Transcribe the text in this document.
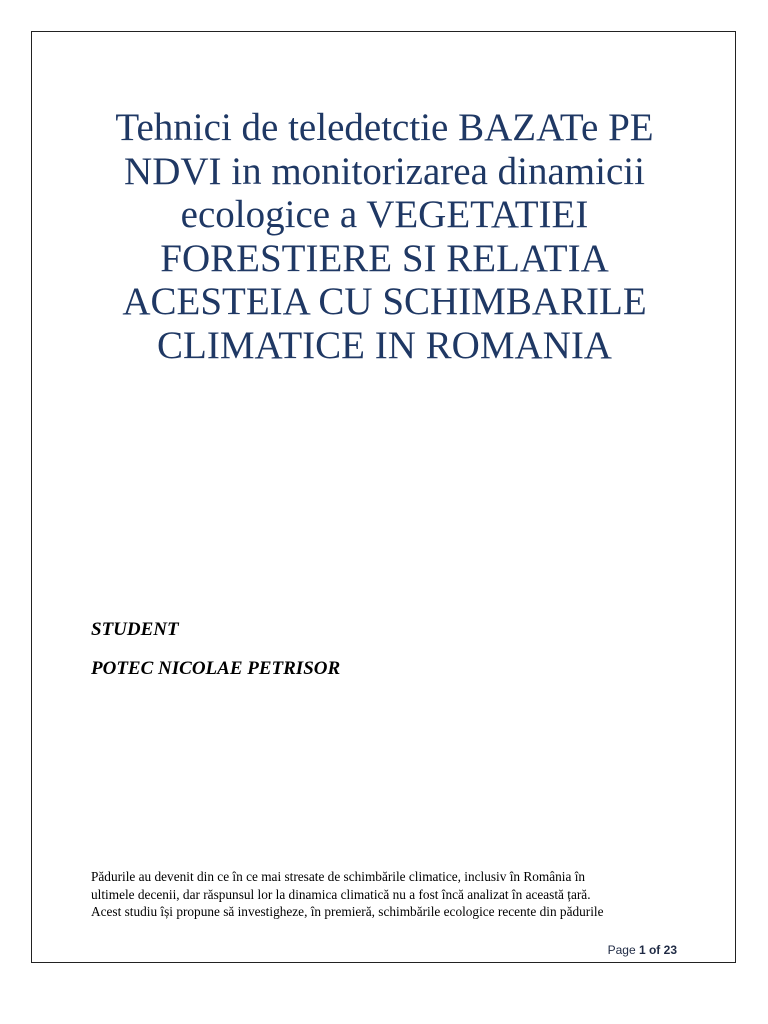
Tehnici de teledetctie BAZATe PE
NDVI in monitorizarea dinamicii
ecologice a VEGETATIEI
FORESTIERE SI RELATIA
ACESTEIA CU SCHIMBARILE
CLIMATICE IN ROMANIA

STUDENT

POTEC NICOLAE PETRISOR

Pădurile au devenit din ce în ce mai stresate de schimbările climatice, inclusiv în România în
ultimele decenii, dar răspunsul lor la dinamica climatică nu a fost încă analizat în această țară.
Acest studiu își propune să investigheze, în premieră, schimbările ecologice recente din pădurile

Page 1 of 23
